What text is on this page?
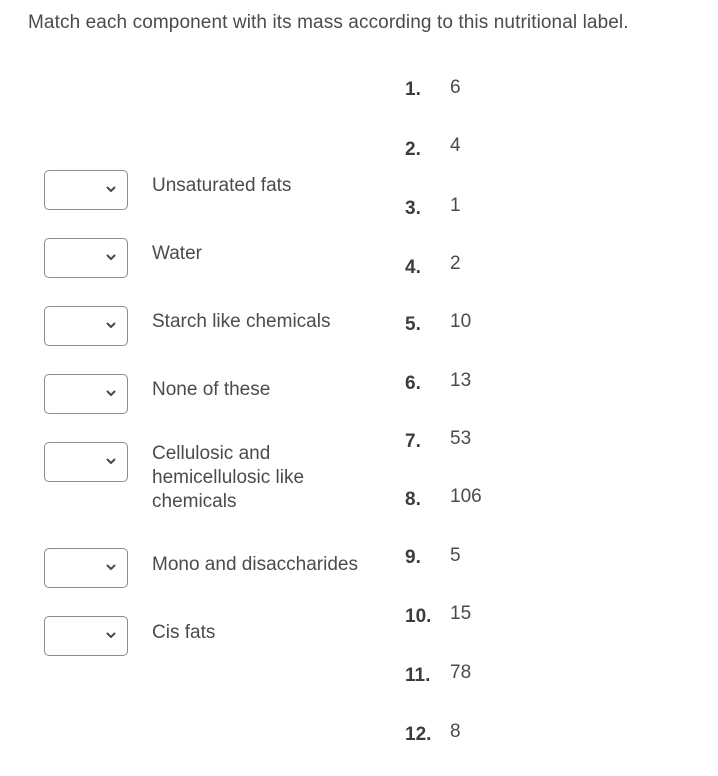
Match each component with its mass according to this nutritional label.
Unsaturated fats
Water
Starch like chemicals
None of these
Cellulosic and hemicellulosic like chemicals
Mono and disaccharides
Cis fats
1. 6
2. 4
3. 1
4. 2
5. 10
6. 13
7. 53
8. 106
9. 5
10. 15
11. 78
12. 8
